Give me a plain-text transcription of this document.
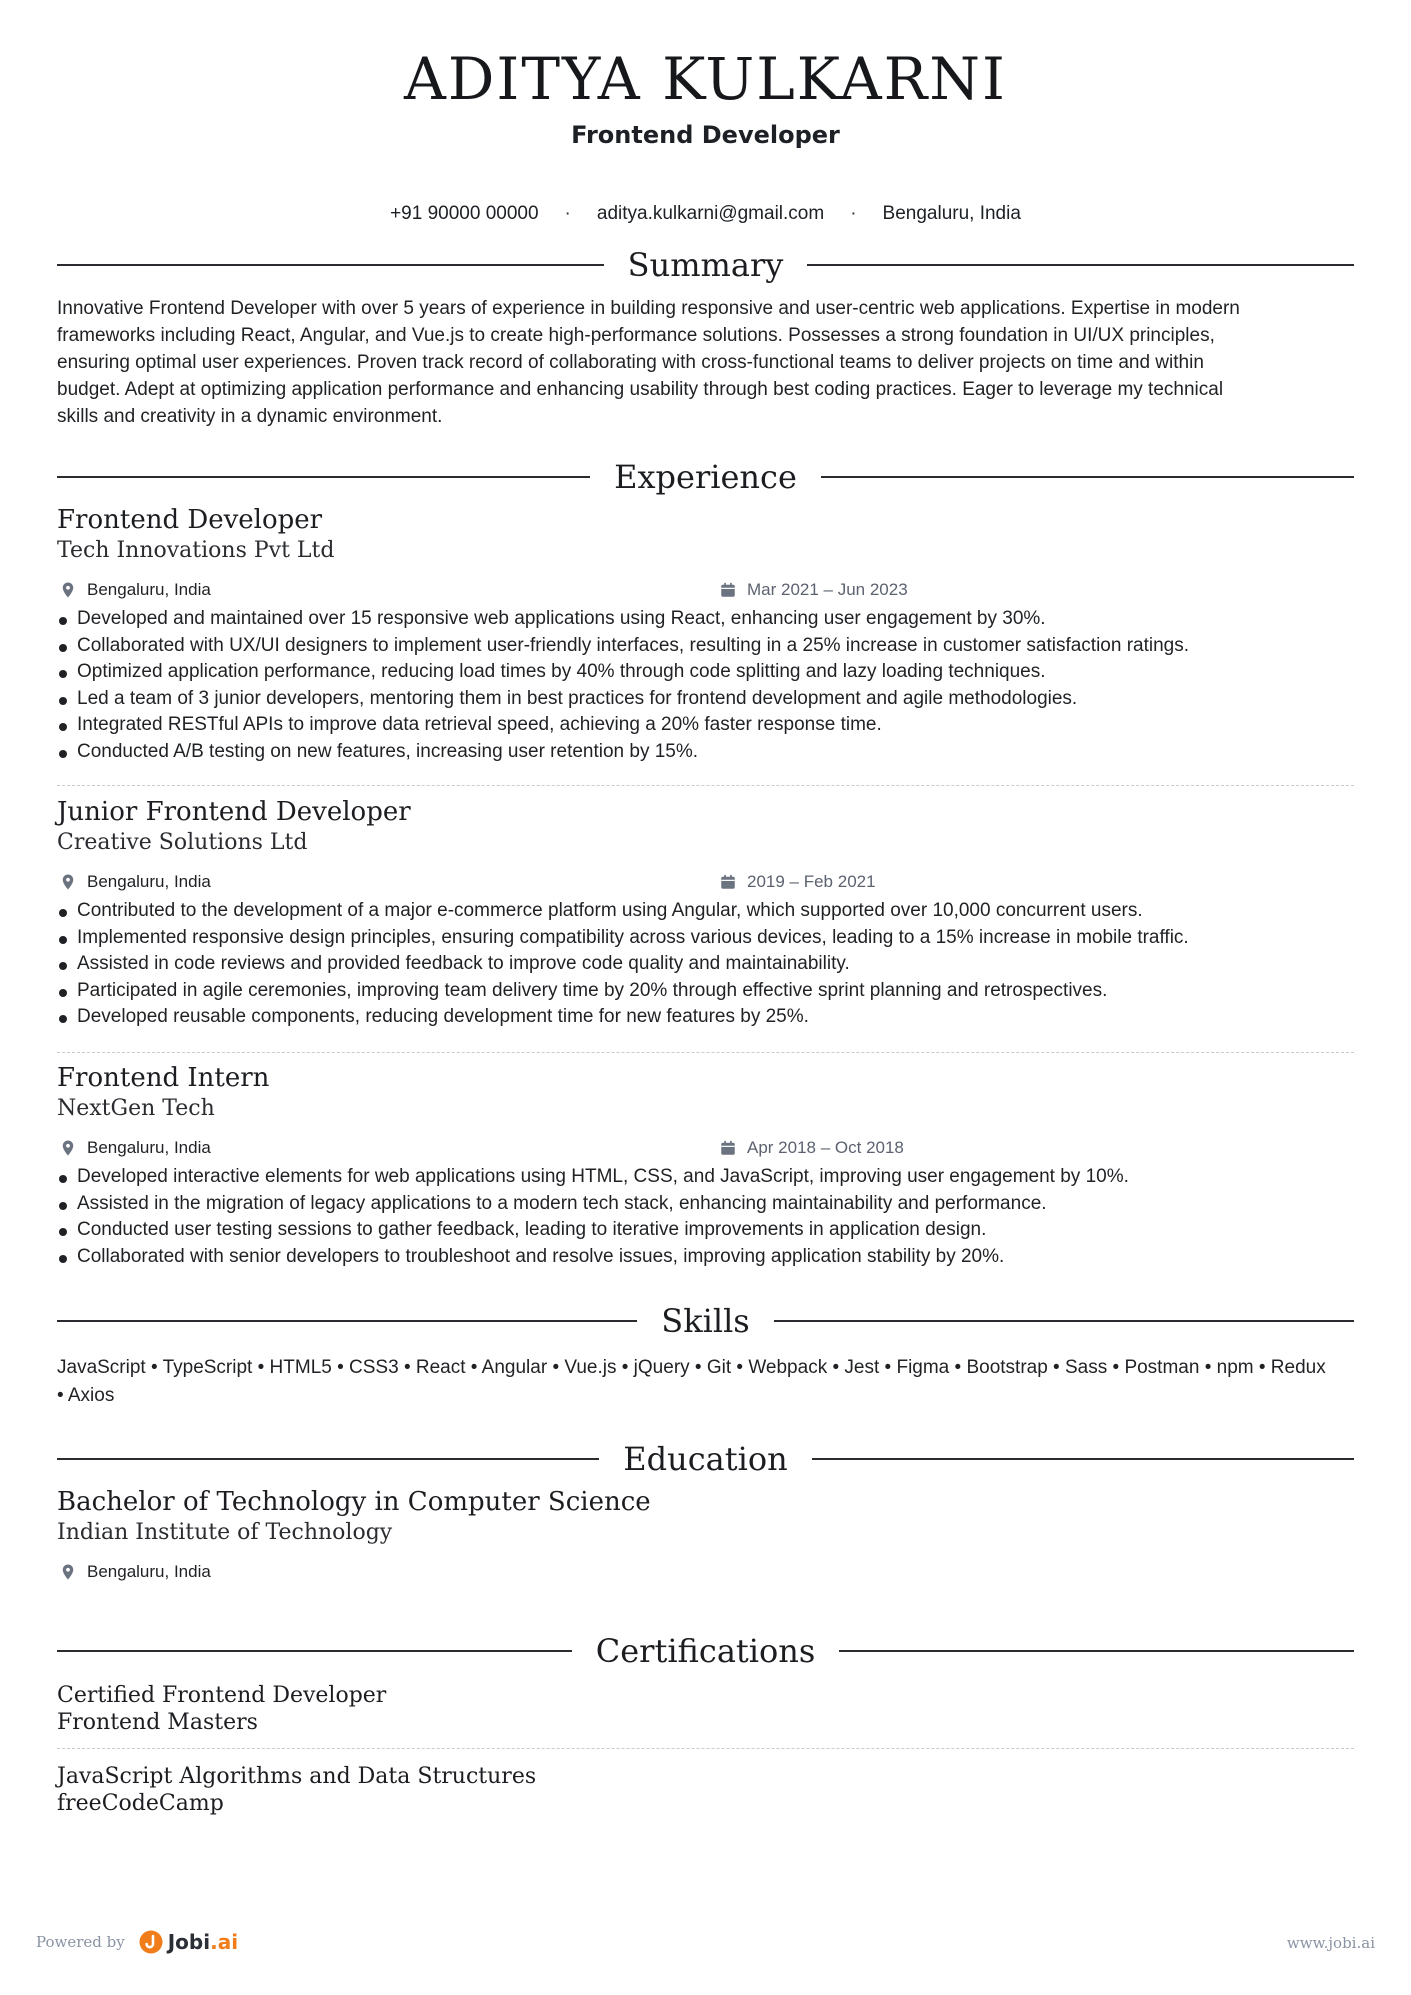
ADITYA KULKARNI
Frontend Developer
+91 90000 00000 · aditya.kulkarni@gmail.com · Bengaluru, India
Summary
Innovative Frontend Developer with over 5 years of experience in building responsive and user-centric web applications. Expertise in modern
frameworks including React, Angular, and Vue.js to create high-performance solutions. Possesses a strong foundation in UI/UX principles,
ensuring optimal user experiences. Proven track record of collaborating with cross-functional teams to deliver projects on time and within
budget. Adept at optimizing application performance and enhancing usability through best coding practices. Eager to leverage my technical
skills and creativity in a dynamic environment.
Experience
Frontend Developer
Tech Innovations Pvt Ltd
Bengaluru, India	Mar 2021 – Jun 2023
Developed and maintained over 15 responsive web applications using React, enhancing user engagement by 30%.
Collaborated with UX/UI designers to implement user-friendly interfaces, resulting in a 25% increase in customer satisfaction ratings.
Optimized application performance, reducing load times by 40% through code splitting and lazy loading techniques.
Led a team of 3 junior developers, mentoring them in best practices for frontend development and agile methodologies.
Integrated RESTful APIs to improve data retrieval speed, achieving a 20% faster response time.
Conducted A/B testing on new features, increasing user retention by 15%.
Junior Frontend Developer
Creative Solutions Ltd
Bengaluru, India	2019 – Feb 2021
Contributed to the development of a major e-commerce platform using Angular, which supported over 10,000 concurrent users.
Implemented responsive design principles, ensuring compatibility across various devices, leading to a 15% increase in mobile traffic.
Assisted in code reviews and provided feedback to improve code quality and maintainability.
Participated in agile ceremonies, improving team delivery time by 20% through effective sprint planning and retrospectives.
Developed reusable components, reducing development time for new features by 25%.
Frontend Intern
NextGen Tech
Bengaluru, India	Apr 2018 – Oct 2018
Developed interactive elements for web applications using HTML, CSS, and JavaScript, improving user engagement by 10%.
Assisted in the migration of legacy applications to a modern tech stack, enhancing maintainability and performance.
Conducted user testing sessions to gather feedback, leading to iterative improvements in application design.
Collaborated with senior developers to troubleshoot and resolve issues, improving application stability by 20%.
Skills
JavaScript • TypeScript • HTML5 • CSS3 • React • Angular • Vue.js • jQuery • Git • Webpack • Jest • Figma • Bootstrap • Sass • Postman • npm • Redux
• Axios
Education
Bachelor of Technology in Computer Science
Indian Institute of Technology
Bengaluru, India
Certifications
Certified Frontend Developer
Frontend Masters
JavaScript Algorithms and Data Structures
freeCodeCamp
Powered by Jobi .ai	www.jobi.ai
